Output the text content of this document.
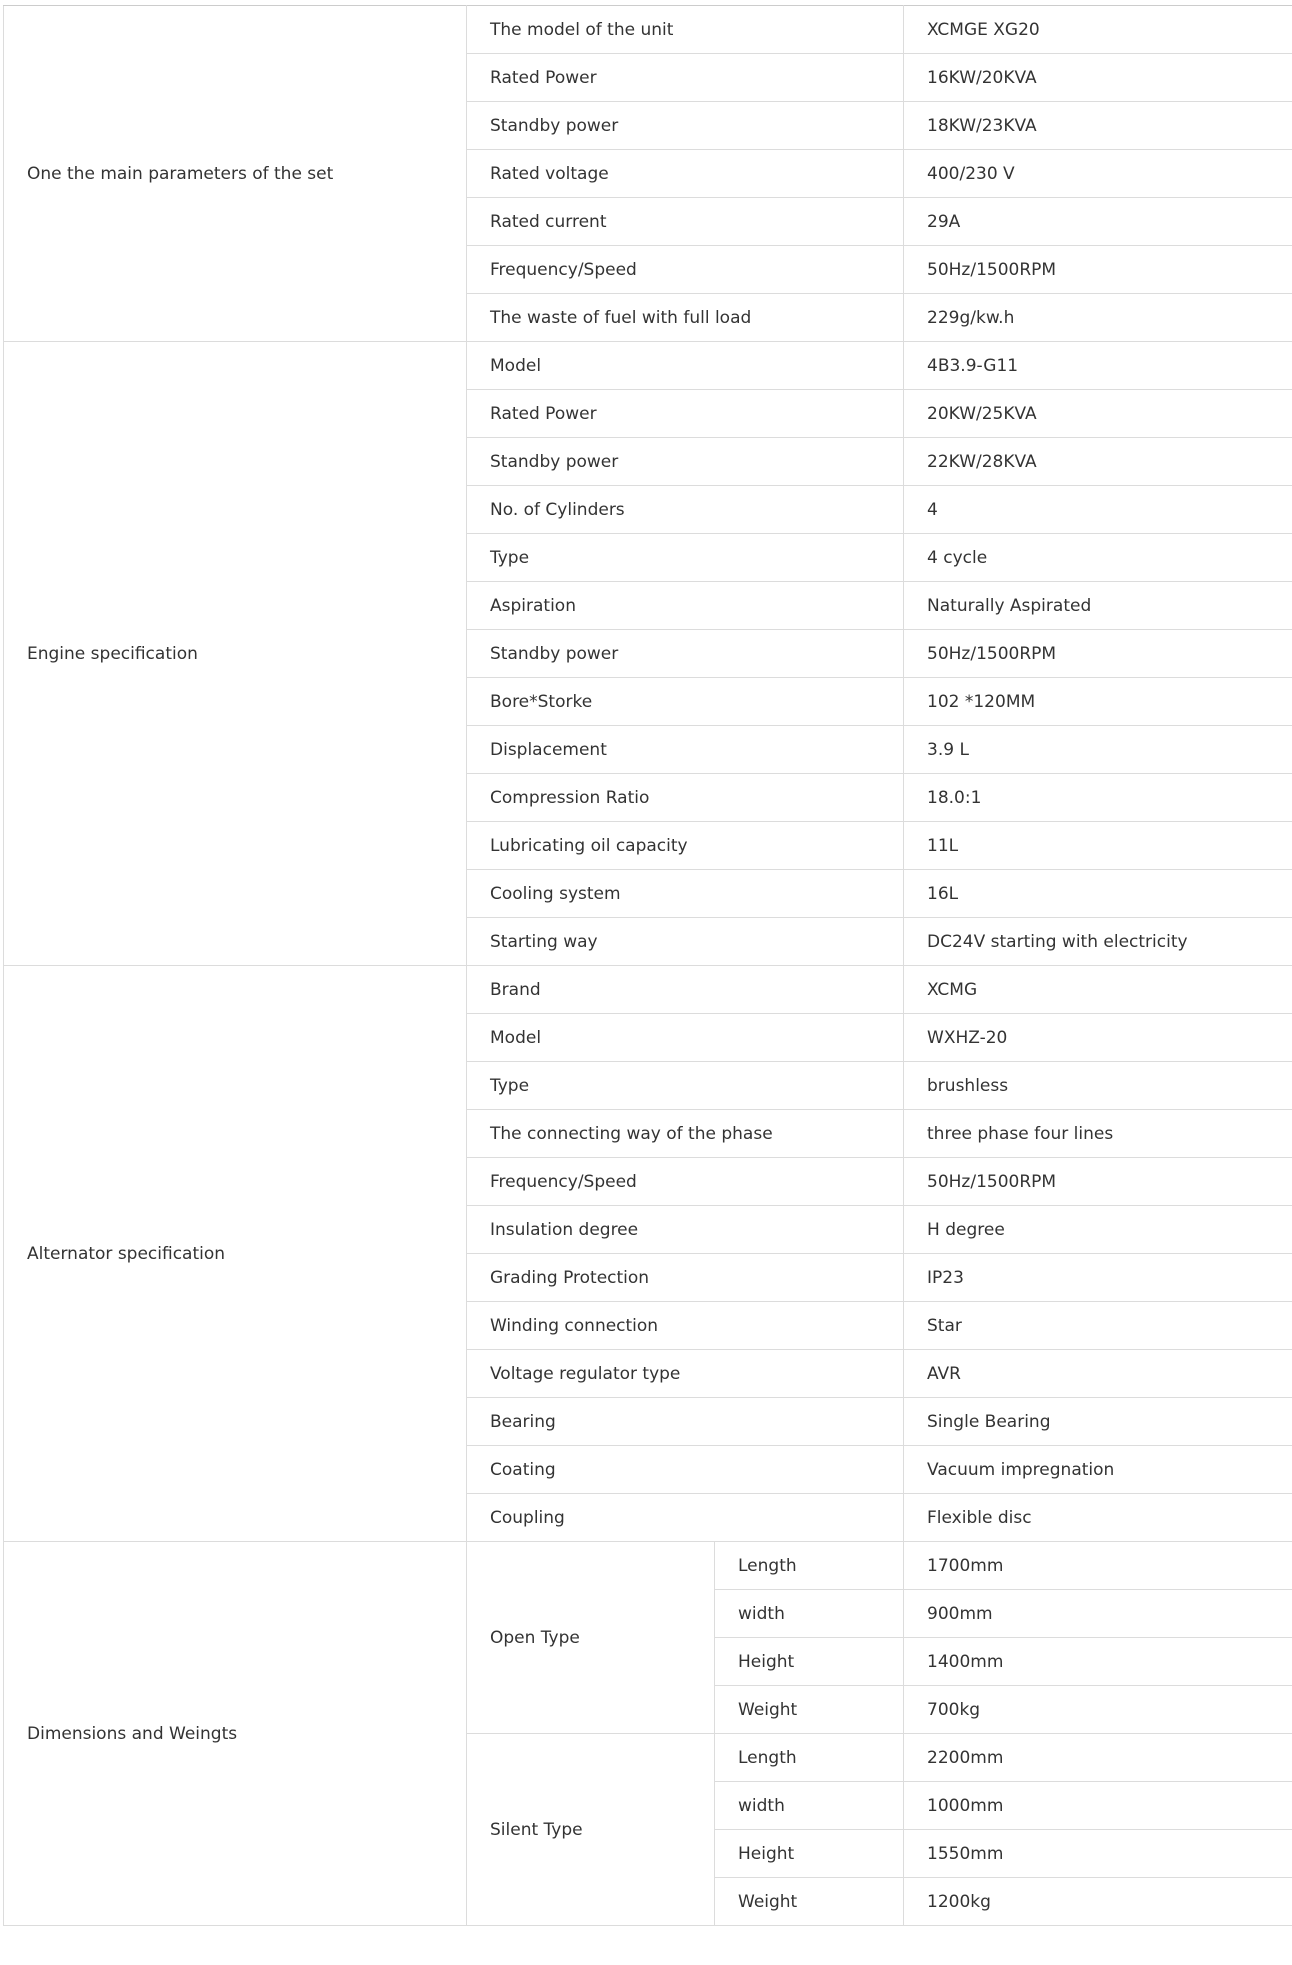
One the main parameters of the set	The model of the unit		XCMGE XG20
	Rated Power		16KW/20KVA
	Standby power		18KW/23KVA
	Rated voltage		400/230 V
	Rated current		29A
	Frequency/Speed		50Hz/1500RPM
	The waste of fuel with full load		229g/kw.h
Engine specification	Model		4B3.9-G11
	Rated Power		20KW/25KVA
	Standby power		22KW/28KVA
	No. of Cylinders		4
	Type		4 cycle
	Aspiration		Naturally Aspirated
	Standby power		50Hz/1500RPM
	Bore*Storke		102 *120MM
	Displacement		3.9 L
	Compression Ratio		18.0:1
	Lubricating oil capacity		11L
	Cooling system		16L
	Starting way		DC24V starting with electricity
Alternator specification	Brand		XCMG
	Model		WXHZ-20
	Type		brushless
	The connecting way of the phase		three phase four lines
	Frequency/Speed		50Hz/1500RPM
	Insulation degree		H degree
	Grading Protection		IP23
	Winding connection		Star
	Voltage regulator type		AVR
	Bearing		Single Bearing
	Coating		Vacuum impregnation
	Coupling		Flexible disc
Dimensions and Weingts	Open Type	Length	1700mm
		width	900mm
		Height	1400mm
		Weight	700kg
	Silent Type	Length	2200mm
		width	1000mm
		Height	1550mm
		Weight	1200kg
